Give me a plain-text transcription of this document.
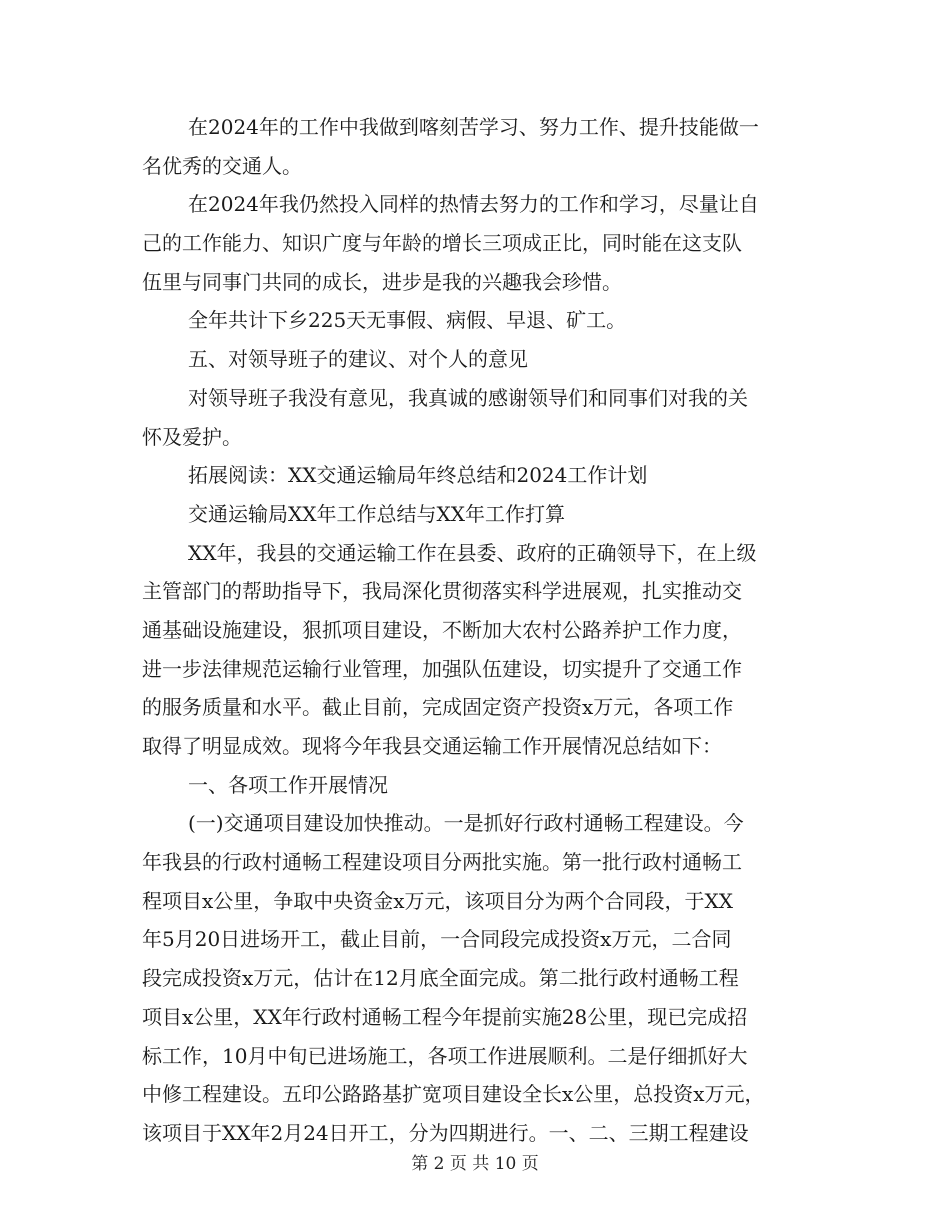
在2024年的工作中我做到喀刻苦学习、努力工作、提升技能做一
名优秀的交通人。
在2024年我仍然投入同样的热情去努力的工作和学习，尽量让自
己的工作能力、知识广度与年龄的增长三项成正比，同时能在这支队
伍里与同事门共同的成长，进步是我的兴趣我会珍惜。
全年共计下乡225天无事假、病假、早退、矿工。
五、对领导班子的建议、对个人的意见
对领导班子我没有意见，我真诚的感谢领导们和同事们对我的关
怀及爱护。
拓展阅读：XX交通运输局年终总结和2024工作计划
交通运输局XX年工作总结与XX年工作打算
XX年，我县的交通运输工作在县委、政府的正确领导下，在上级
主管部门的帮助指导下，我局深化贯彻落实科学进展观，扎实推动交
通基础设施建设，狠抓项目建设，不断加大农村公路养护工作力度，
进一步法律规范运输行业管理，加强队伍建设，切实提升了交通工作
的服务质量和水平。截止目前，完成固定资产投资x万元，各项工作
取得了明显成效。现将今年我县交通运输工作开展情况总结如下：
一、各项工作开展情况
(一)交通项目建设加快推动。一是抓好行政村通畅工程建设。今
年我县的行政村通畅工程建设项目分两批实施。第一批行政村通畅工
程项目x公里，争取中央资金x万元，该项目分为两个合同段，于XX
年5月20日进场开工，截止目前，一合同段完成投资x万元，二合同
段完成投资x万元，估计在12月底全面完成。第二批行政村通畅工程
项目x公里，XX年行政村通畅工程今年提前实施28公里，现已完成招
标工作，10月中旬已进场施工，各项工作进展顺利。二是仔细抓好大
中修工程建设。五印公路路基扩宽项目建设全长x公里，总投资x万元，
该项目于XX年2月24日开工，分为四期进行。一、二、三期工程建设
第 2 页 共 10 页
